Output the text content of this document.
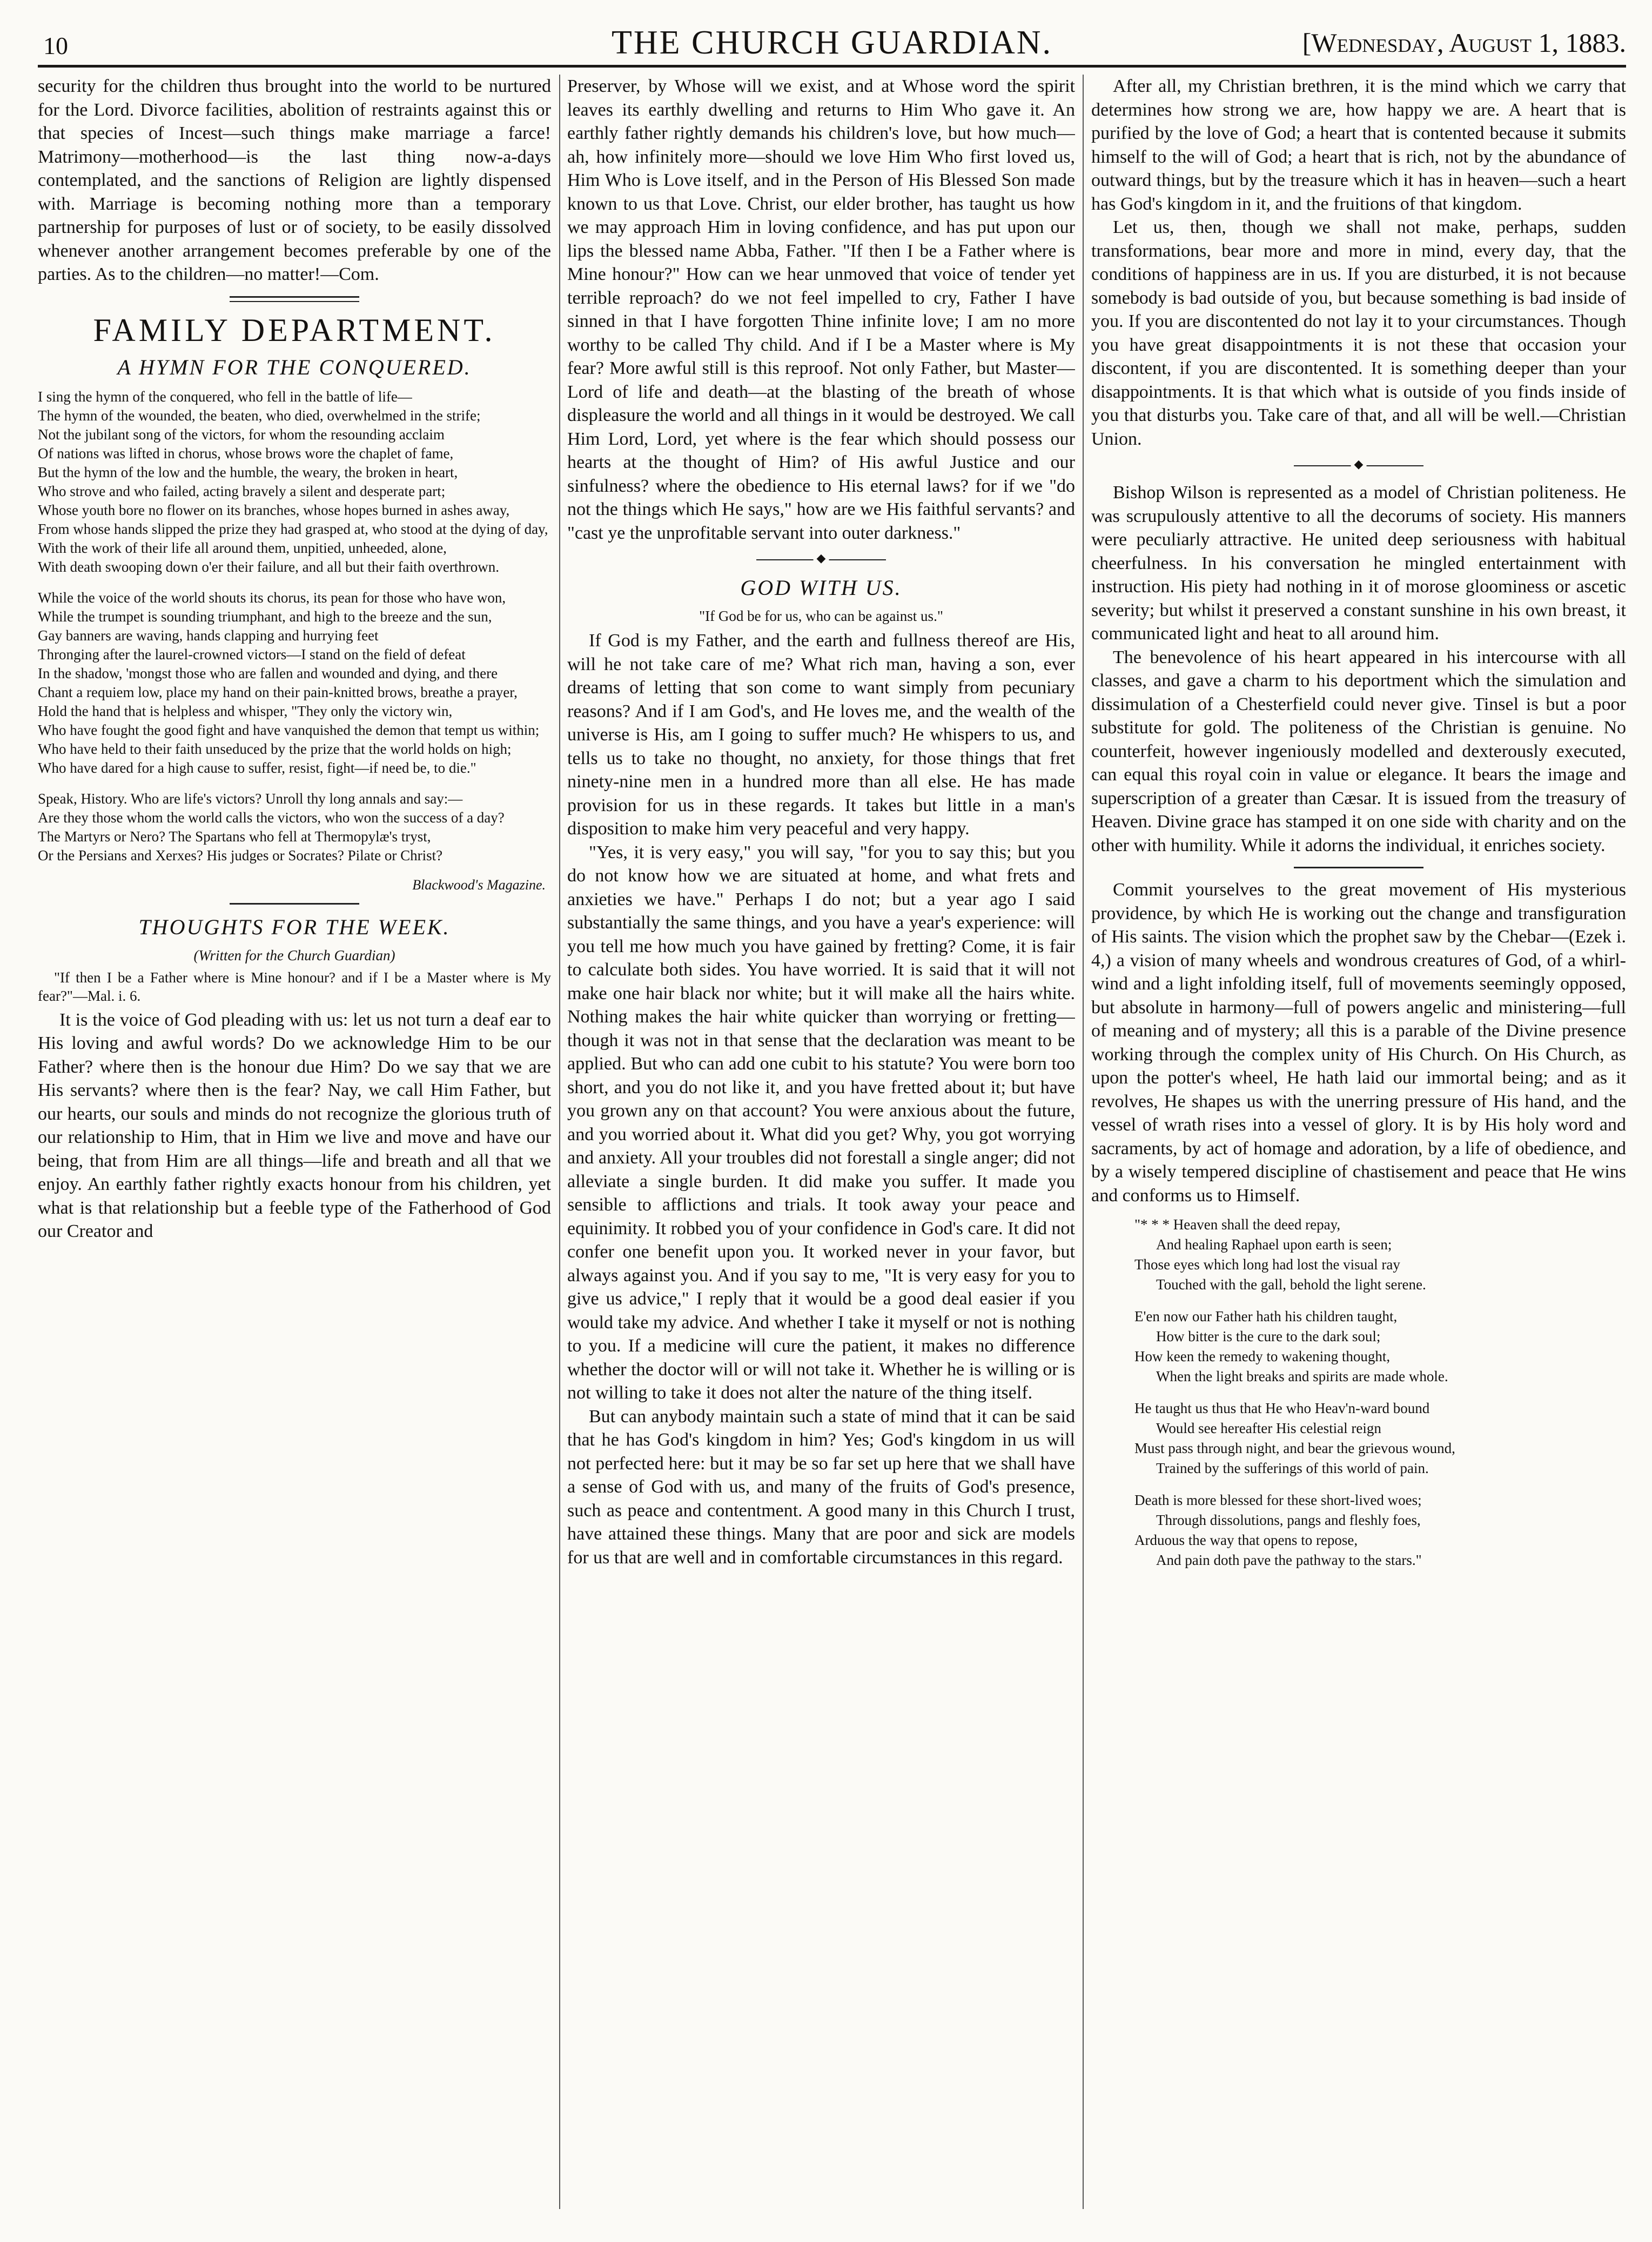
10	THE CHURCH GUARDIAN.	[Wednesday, August 1, 1883.

security for the children thus brought into the world to be nurtured for the Lord. Divorce facilities, abolition of restraints against this or that species of Incest—such things make marriage a farce! Matrimony—motherhood—is the last thing now-a-days contemplated, and the sanctions of Religion are lightly dispensed with. Marriage is becoming nothing more than a temporary partnership for purposes of lust or of society, to be easily dissolved whenever another arrangement becomes preferable by one of the parties. As to the children—no matter!—Com.

FAMILY DEPARTMENT.
A HYMN FOR THE CONQUERED.
I sing the hymn of the conquered, who fell in the battle of life—
The hymn of the wounded, the beaten, who died, overwhelmed in the strife;
Not the jubilant song of the victors, for whom the resounding acclaim
Of nations was lifted in chorus, whose brows wore the chaplet of fame,
But the hymn of the low and the humble, the weary, the broken in heart,
Who strove and who failed, acting bravely a silent and desperate part;
Whose youth bore no flower on its branches, whose hopes burned in ashes away,
From whose hands slipped the prize they had grasped at, who stood at the dying of day,
With the work of their life all around them, unpitied, unheeded, alone,
With death swooping down o'er their failure, and all but their faith overthrown.
While the voice of the world shouts its chorus, its pean for those who have won,
While the trumpet is sounding triumphant, and high to the breeze and the sun,
Gay banners are waving, hands clapping and hurrying feet
Thronging after the laurel-crowned victors—I stand on the field of defeat
In the shadow, 'mongst those who are fallen and wounded and dying, and there
Chant a requiem low, place my hand on their pain-knitted brows, breathe a prayer,
Hold the hand that is helpless and whisper, "They only the victory win,
Who have fought the good fight and have vanquished the demon that tempt us within;
Who have held to their faith unseduced by the prize that the world holds on high;
Who have dared for a high cause to suffer, resist, fight—if need be, to die."
Speak, History. Who are life's victors? Unroll thy long annals and say:—
Are they those whom the world calls the victors, who won the success of a day?
The Martyrs or Nero? The Spartans who fell at Thermopylæ's tryst,
Or the Persians and Xerxes? His judges or Socrates? Pilate or Christ?
Blackwood's Magazine.
THOUGHTS FOR THE WEEK.
(Written for the Church Guardian)
"If then I be a Father where is Mine honour? and if I be a Master where is My fear?"—Mal. i. 6.

It is the voice of God pleading with us: let us not turn a deaf ear to His loving and awful words? Do we acknowledge Him to be our Father? where then is the honour due Him? Do we say that we are His servants? where then is the fear? Nay, we call Him Father, but our hearts, our souls and minds do not recognize the glorious truth of our relationship to Him, that in Him we live and move and have our being, that from Him are all things—life and breath and all that we enjoy. An earthly father rightly exacts honour from his children, yet what is that relationship but a feeble type of the Fatherhood of God our Creator and

Preserver, by Whose will we exist, and at Whose word the spirit leaves its earthly dwelling and returns to Him Who gave it. An earthly father rightly demands his children's love, but how much—ah, how infinitely more—should we love Him Who first loved us, Him Who is Love itself, and in the Person of His Blessed Son made known to us that Love. Christ, our elder brother, has taught us how we may approach Him in loving confidence, and has put upon our lips the blessed name Abba, Father. "If then I be a Father where is Mine honour?" How can we hear unmoved that voice of tender yet terrible reproach? do we not feel impelled to cry, Father I have sinned in that I have forgotten Thine infinite love; I am no more worthy to be called Thy child. And if I be a Master where is My fear? More awful still is this reproof. Not only Father, but Master—Lord of life and death—at the blasting of the breath of whose displeasure the world and all things in it would be destroyed. We call Him Lord, Lord, yet where is the fear which should possess our hearts at the thought of Him? of His awful Justice and our sinfulness? where the obedience to His eternal laws? for if we "do not the things which He says," how are we His faithful servants? and "cast ye the unprofitable servant into outer darkness."

◆
GOD WITH US.
"If God be for us, who can be against us."

If God is my Father, and the earth and fullness thereof are His, will he not take care of me? What rich man, having a son, ever dreams of letting that son come to want simply from pecuniary reasons? And if I am God's, and He loves me, and the wealth of the universe is His, am I going to suffer much? He whispers to us, and tells us to take no thought, no anxiety, for those things that fret ninety-nine men in a hundred more than all else. He has made provision for us in these regards. It takes but little in a man's disposition to make him very peaceful and very happy.

"Yes, it is very easy," you will say, "for you to say this; but you do not know how we are situated at home, and what frets and anxieties we have." Perhaps I do not; but a year ago I said substantially the same things, and you have a year's experience: will you tell me how much you have gained by fretting? Come, it is fair to calculate both sides. You have worried. It is said that it will not make one hair black nor white; but it will make all the hairs white. Nothing makes the hair white quicker than worrying or fretting—though it was not in that sense that the declaration was meant to be applied. But who can add one cubit to his statute? You were born too short, and you do not like it, and you have fretted about it; but have you grown any on that account? You were anxious about the future, and you worried about it. What did you get? Why, you got worrying and anxiety. All your troubles did not forestall a single anger; did not alleviate a single burden. It did make you suffer. It made you sensible to afflictions and trials. It took away your peace and equinimity. It robbed you of your confidence in God's care. It did not confer one benefit upon you. It worked never in your favor, but always against you. And if you say to me, "It is very easy for you to give us advice," I reply that it would be a good deal easier if you would take my advice. And whether I take it myself or not is nothing to you. If a medicine will cure the patient, it makes no difference whether the doctor will or will not take it. Whether he is willing or is not willing to take it does not alter the nature of the thing itself.

But can anybody maintain such a state of mind that it can be said that he has God's kingdom in him? Yes; God's kingdom in us will not perfected here: but it may be so far set up here that we shall have a sense of God with us, and many of the fruits of God's presence, such as peace and contentment. A good many in this Church I trust, have attained these things. Many that are poor and sick are models for us that are well and in comfortable circumstances in this regard.

After all, my Christian brethren, it is the mind which we carry that determines how strong we are, how happy we are. A heart that is purified by the love of God; a heart that is contented because it submits himself to the will of God; a heart that is rich, not by the abundance of outward things, but by the treasure which it has in heaven—such a heart has God's kingdom in it, and the fruitions of that kingdom.

Let us, then, though we shall not make, perhaps, sudden transformations, bear more and more in mind, every day, that the conditions of happiness are in us. If you are disturbed, it is not because somebody is bad outside of you, but because something is bad inside of you. If you are discontented do not lay it to your circumstances. Though you have great disappointments it is not these that occasion your discontent, if you are discontented. It is something deeper than your disappointments. It is that which what is outside of you finds inside of you that disturbs you. Take care of that, and all will be well.—Christian Union.

◆

Bishop Wilson is represented as a model of Christian politeness. He was scrupulously attentive to all the decorums of society. His manners were peculiarly attractive. He united deep seriousness with habitual cheerfulness. In his conversation he mingled entertainment with instruction. His piety had nothing in it of morose gloominess or ascetic severity; but whilst it preserved a constant sunshine in his own breast, it communicated light and heat to all around him.

The benevolence of his heart appeared in his intercourse with all classes, and gave a charm to his deportment which the simulation and dissimulation of a Chesterfield could never give. Tinsel is but a poor substitute for gold. The politeness of the Christian is genuine. No counterfeit, however ingeniously modelled and dexterously executed, can equal this royal coin in value or elegance. It bears the image and superscription of a greater than Cæsar. It is issued from the treasury of Heaven. Divine grace has stamped it on one side with charity and on the other with humility. While it adorns the individual, it enriches society.

Commit yourselves to the great movement of His mysterious providence, by which He is working out the change and transfiguration of His saints. The vision which the prophet saw by the Chebar—(Ezek i. 4,) a vision of many wheels and wondrous creatures of God, of a whirl-wind and a light infolding itself, full of movements seemingly opposed, but absolute in harmony—full of powers angelic and ministering—full of meaning and of mystery; all this is a parable of the Divine presence working through the complex unity of His Church. On His Church, as upon the potter's wheel, He hath laid our immortal being; and as it revolves, He shapes us with the unerring pressure of His hand, and the vessel of wrath rises into a vessel of glory. It is by His holy word and sacraments, by act of homage and adoration, by a life of obedience, and by a wisely tempered discipline of chastisement and peace that He wins and conforms us to Himself.

"* * * Heaven shall the deed repay,
And healing Raphael upon earth is seen;
Those eyes which long had lost the visual ray
Touched with the gall, behold the light serene.
E'en now our Father hath his children taught,
How bitter is the cure to the dark soul;
How keen the remedy to wakening thought,
When the light breaks and spirits are made whole.
He taught us thus that He who Heav'n-ward bound
Would see hereafter His celestial reign
Must pass through night, and bear the grievous wound,
Trained by the sufferings of this world of pain.
Death is more blessed for these short-lived woes;
Through dissolutions, pangs and fleshly foes,
Arduous the way that opens to repose,
And pain doth pave the pathway to the stars."
